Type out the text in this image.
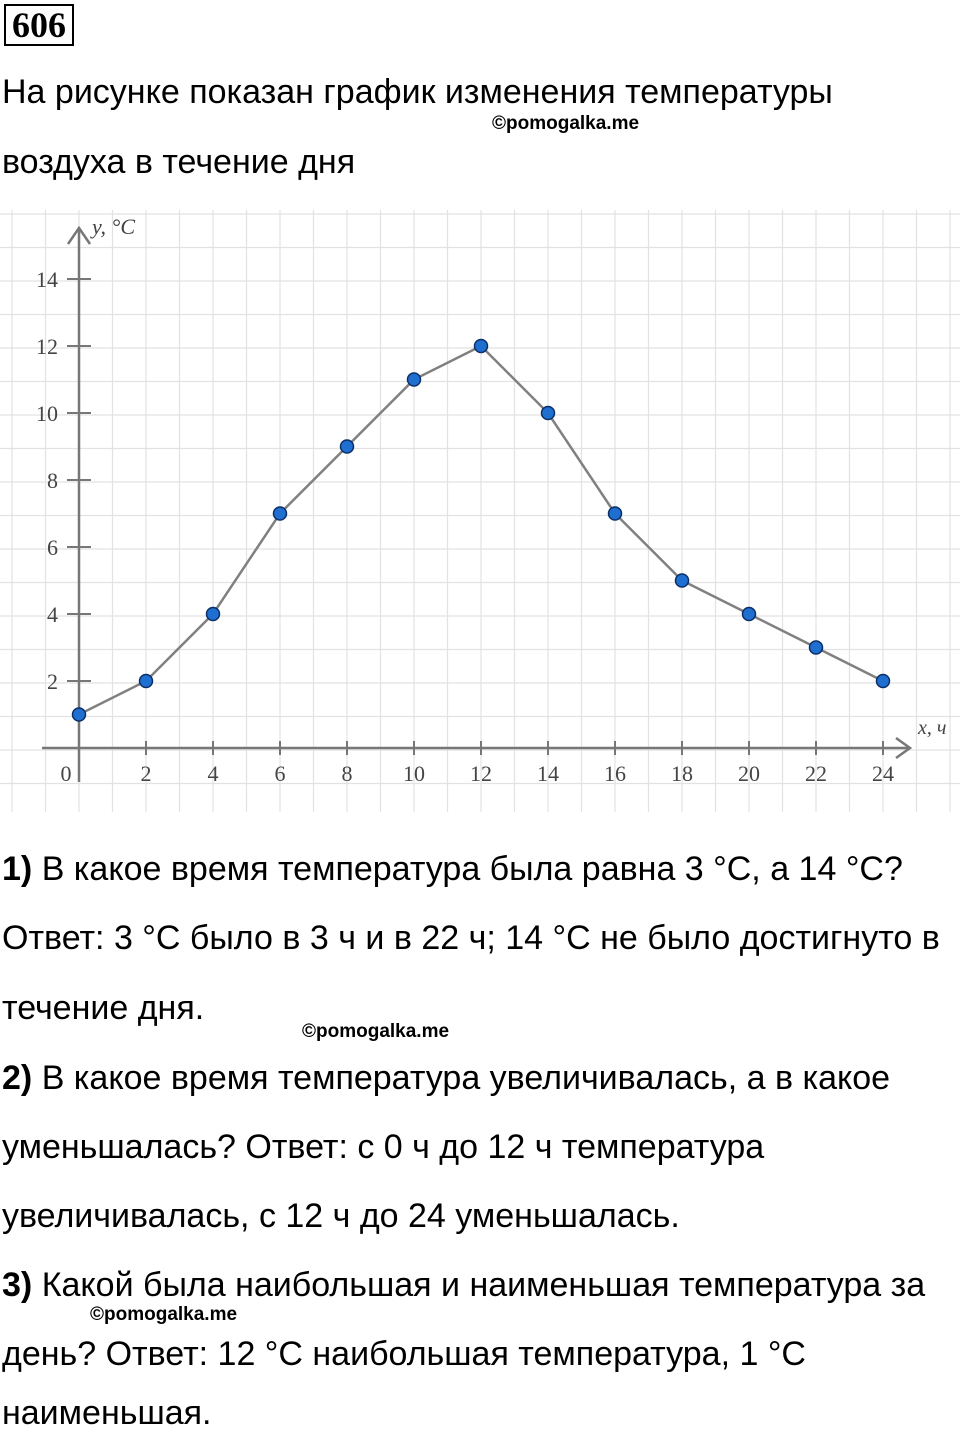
606
На рисунке показан график изменения температуры
©pomogalka.me
воздуха в течение дня
0	2	4	6	8 10 12 14 16 18 20 22 24
2
4
6
8
10
12
14
y, °C
x, ч
1) В какое время температура была равна 3 °С, а 14 °С?
Ответ: 3 °С было в 3 ч и в 22 ч; 14 °С не было достигнуто в
течение дня.
©pomogalka.me
2) В какое время температура увеличивалась, а в какое
уменьшалась? Ответ: с 0 ч до 12 ч температура
увеличивалась, с 12 ч до 24 уменьшалась.
3) Какой была наибольшая и наименьшая температура за
©pomogalka.me
день? Ответ: 12 °С наибольшая температура, 1 °С
наименьшая.
